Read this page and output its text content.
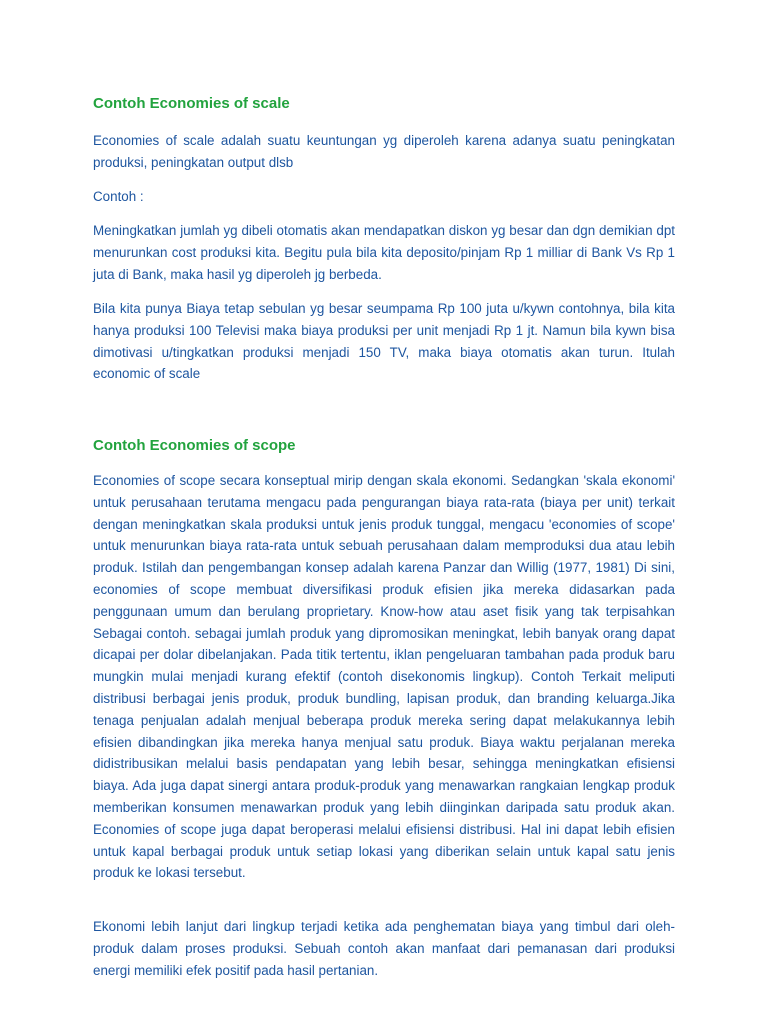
Contoh Economies of scale

Economies of scale adalah suatu keuntungan yg diperoleh karena adanya suatu peningkatan produksi, peningkatan output dlsb

Contoh :

Meningkatkan jumlah yg dibeli otomatis akan mendapatkan diskon yg besar dan dgn demikian dpt menurunkan cost produksi kita. Begitu pula bila kita deposito/pinjam Rp 1 milliar di Bank Vs Rp 1 juta di Bank, maka hasil yg diperoleh jg berbeda.

Bila kita punya Biaya tetap sebulan yg besar seumpama Rp 100 juta u/kywn contohnya, bila kita hanya produksi 100 Televisi maka biaya produksi per unit menjadi Rp 1 jt. Namun bila kywn bisa dimotivasi u/tingkatkan produksi menjadi 150 TV, maka biaya otomatis akan turun. Itulah economic of scale

Contoh Economies of scope

Economies of scope secara konseptual mirip dengan skala ekonomi. Sedangkan 'skala ekonomi' untuk perusahaan terutama mengacu pada pengurangan biaya rata-rata (biaya per unit) terkait dengan meningkatkan skala produksi untuk jenis produk tunggal, mengacu 'economies of scope' untuk menurunkan biaya rata-rata untuk sebuah perusahaan dalam memproduksi dua atau lebih produk. Istilah dan pengembangan konsep adalah karena Panzar dan Willig (1977, 1981) Di sini, economies of scope membuat diversifikasi produk efisien jika mereka didasarkan pada penggunaan umum dan berulang proprietary. Know-how atau aset fisik yang tak terpisahkan Sebagai contoh. sebagai jumlah produk yang dipromosikan meningkat, lebih banyak orang dapat dicapai per dolar dibelanjakan. Pada titik tertentu, iklan pengeluaran tambahan pada produk baru mungkin mulai menjadi kurang efektif (contoh disekonomis lingkup). Contoh Terkait meliputi distribusi berbagai jenis produk, produk bundling, lapisan produk, dan branding keluarga.Jika tenaga penjualan adalah menjual beberapa produk mereka sering dapat melakukannya lebih efisien dibandingkan jika mereka hanya menjual satu produk. Biaya waktu perjalanan mereka didistribusikan melalui basis pendapatan yang lebih besar, sehingga meningkatkan efisiensi biaya. Ada juga dapat sinergi antara produk-produk yang menawarkan rangkaian lengkap produk memberikan konsumen menawarkan produk yang lebih diinginkan daripada satu produk akan. Economies of scope juga dapat beroperasi melalui efisiensi distribusi. Hal ini dapat lebih efisien untuk kapal berbagai produk untuk setiap lokasi yang diberikan selain untuk kapal satu jenis produk ke lokasi tersebut.

Ekonomi lebih lanjut dari lingkup terjadi ketika ada penghematan biaya yang timbul dari oleh-produk dalam proses produksi. Sebuah contoh akan manfaat dari pemanasan dari produksi energi memiliki efek positif pada hasil pertanian.
